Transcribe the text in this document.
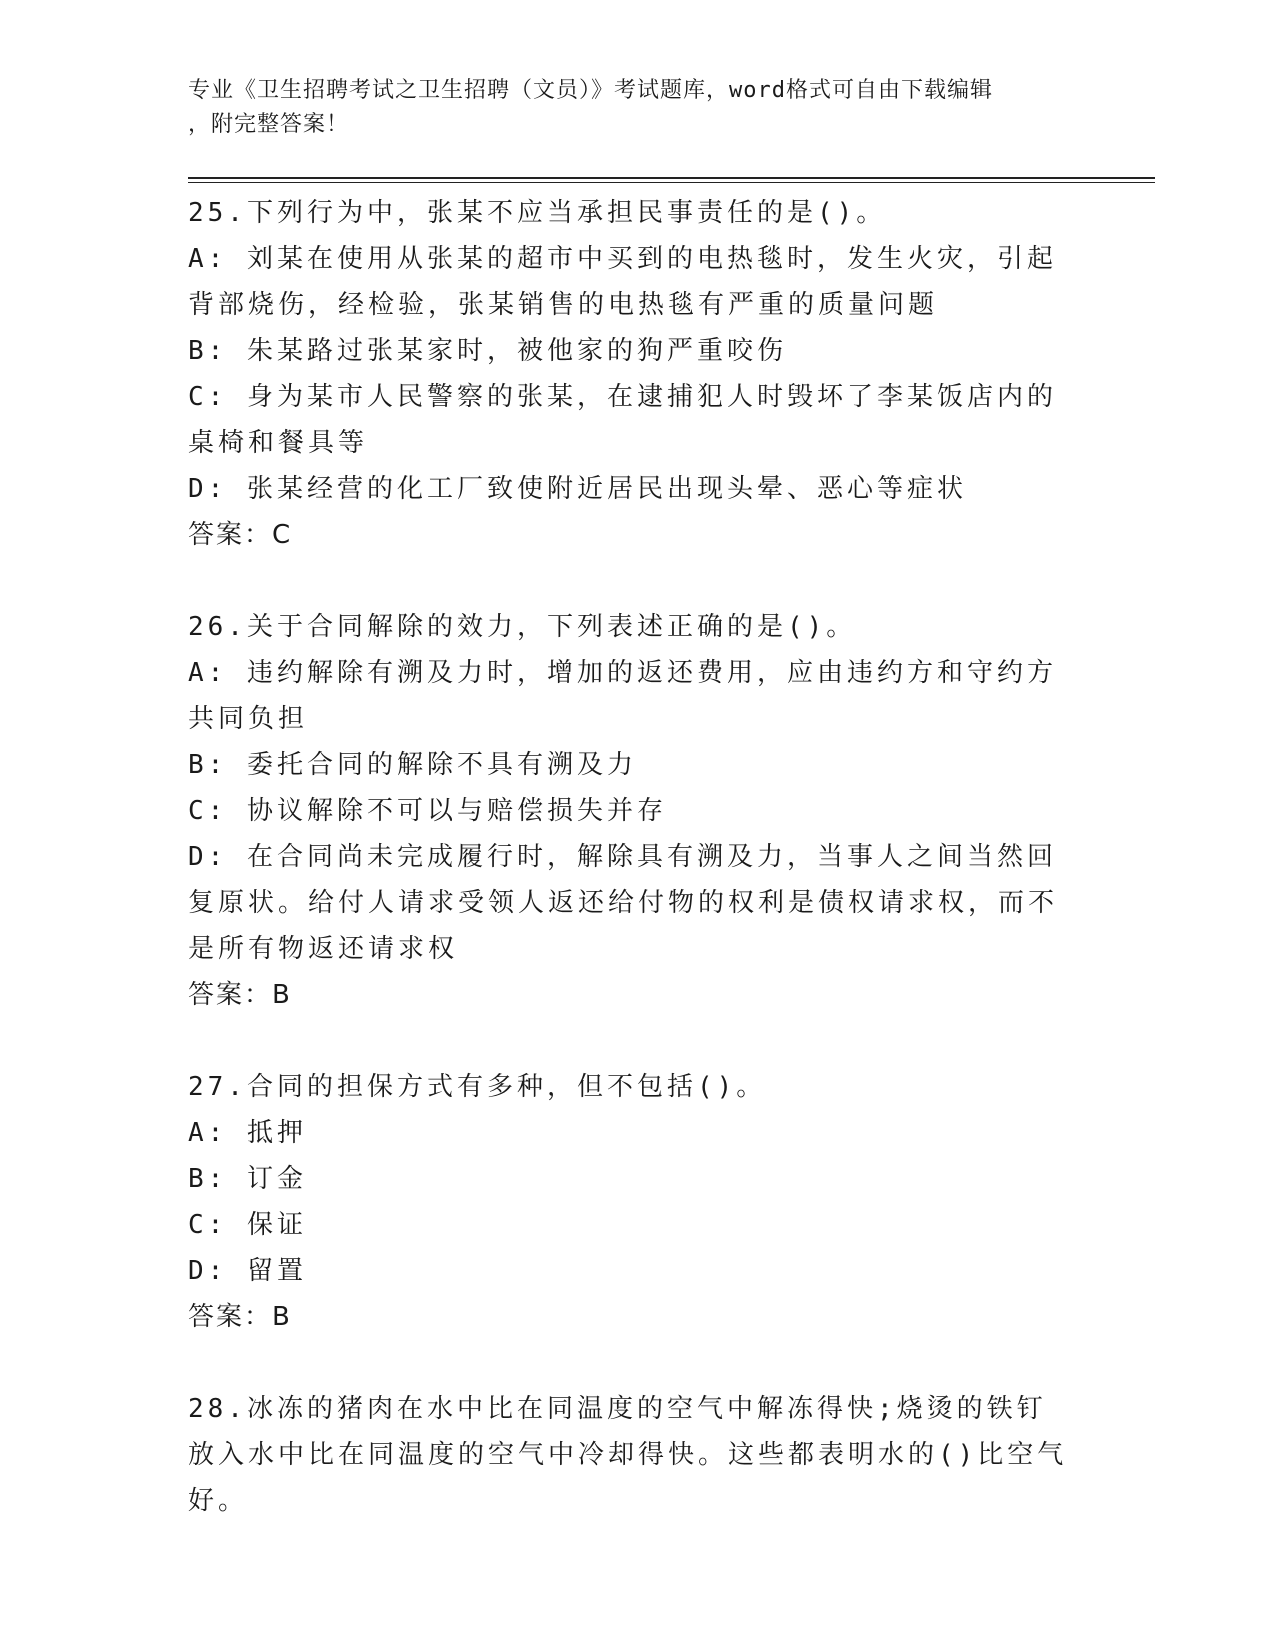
专业《卫生招聘考试之卫生招聘（文员）》考试题库，word格式可自由下载编辑
，附完整答案！
25.下列行为中，张某不应当承担民事责任的是()。
A: 刘某在使用从张某的超市中买到的电热毯时，发生火灾，引起背部烧伤，经检验，张某销售的电热毯有严重的质量问题
B: 朱某路过张某家时，被他家的狗严重咬伤
C: 身为某市人民警察的张某，在逮捕犯人时毁坏了李某饭店内的桌椅和餐具等
D: 张某经营的化工厂致使附近居民出现头晕、恶心等症状
答案：C
26.关于合同解除的效力，下列表述正确的是()。
A: 违约解除有溯及力时，增加的返还费用，应由违约方和守约方共同负担
B: 委托合同的解除不具有溯及力
C: 协议解除不可以与赔偿损失并存
D: 在合同尚未完成履行时，解除具有溯及力，当事人之间当然回复原状。给付人请求受领人返还给付物的权利是债权请求权，而不是所有物返还请求权
答案：B
27.合同的担保方式有多种，但不包括()。
A: 抵押
B: 订金
C: 保证
D: 留置
答案：B
28.冰冻的猪肉在水中比在同温度的空气中解冻得快;烧烫的铁钉放入水中比在同温度的空气中冷却得快。这些都表明水的()比空气好。
